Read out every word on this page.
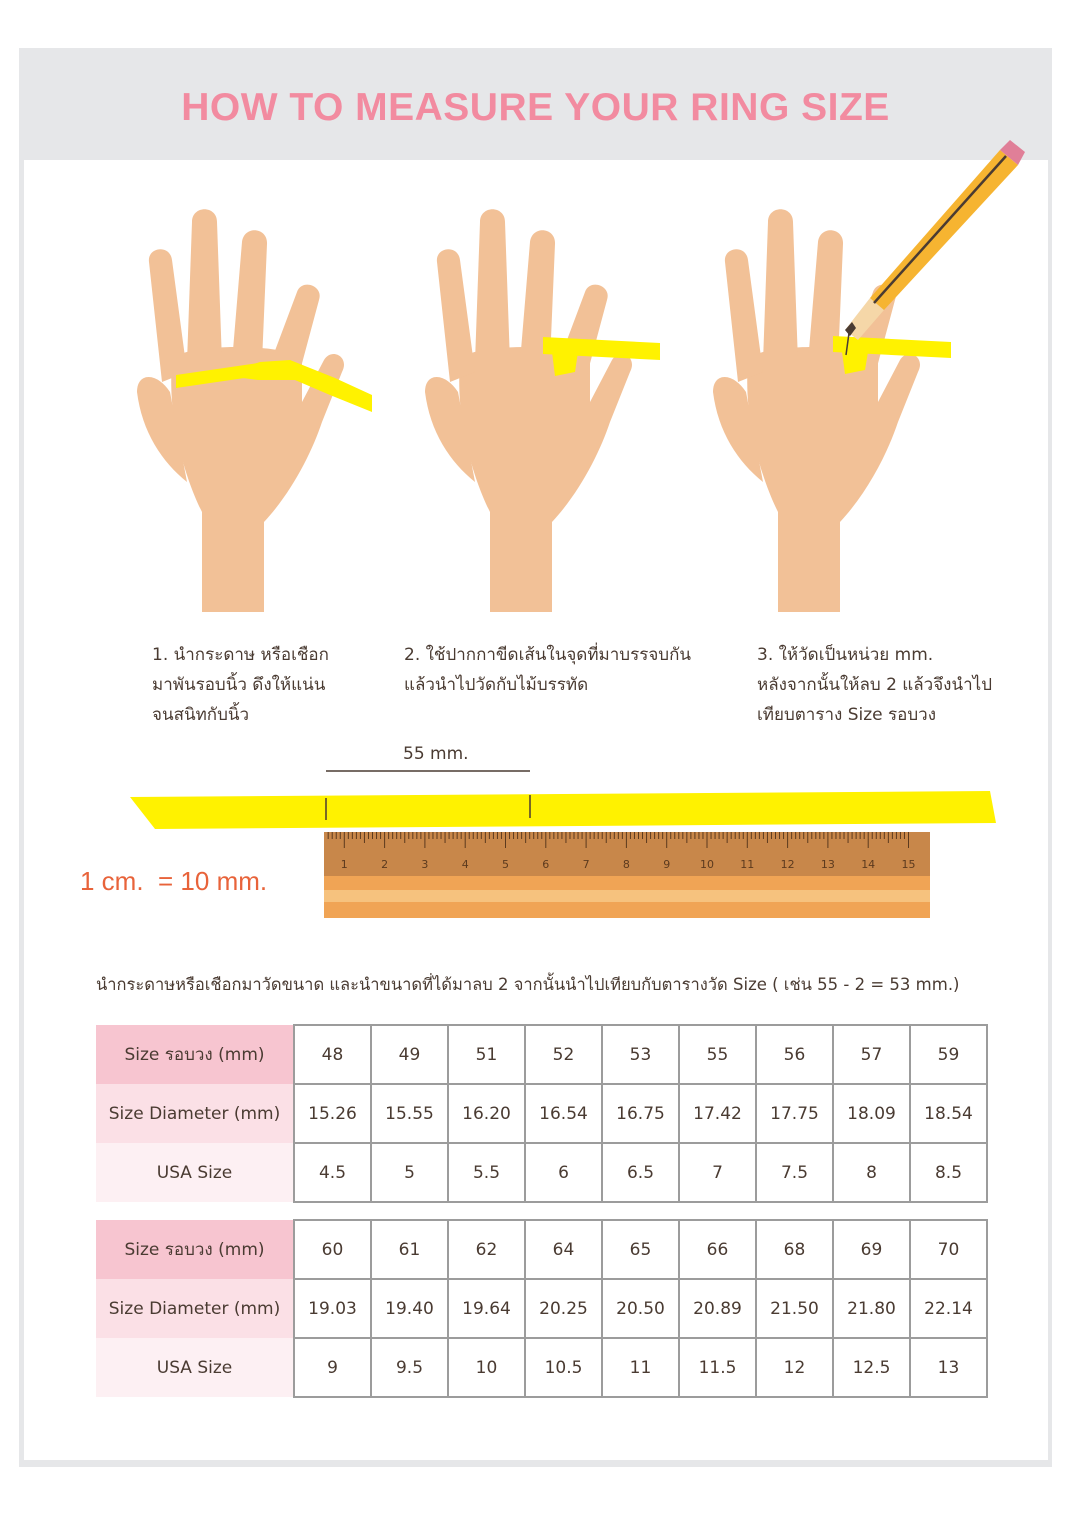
HOW TO MEASURE YOUR RING SIZE
1	2	3	4	5	6	7	8	9	10 11 12 13 14 15
1. นำกระดาษ หรือเชือก
มาพันรอบนิ้ว ดึงให้แน่น
จนสนิทกับนิ้ว
2. ใช้ปากกาขีดเส้นในจุดที่มาบรรจบกัน
แล้วนำไปวัดกับไม้บรรทัด
3. ให้วัดเป็นหน่วย mm.
หลังจากนั้นให้ลบ 2 แล้วจึงนำไป
เทียบตาราง Size รอบวง
55 mm.
1 cm.  = 10 mm.
นำกระดาษหรือเชือกมาวัดขนาด และนำขนาดที่ได้มาลบ 2 จากนั้นนำไปเทียบกับตารางวัด Size ( เช่น 55 - 2 = 53 mm.)
Size รอบวง (mm)	48	49	51	52	53	55	56	57	59
Size Diameter (mm)	15.26	15.55	16.20	16.54	16.75	17.42	17.75	18.09	18.54
USA Size	4.5	5	5.5	6	6.5	7	7.5	8	8.5
Size รอบวง (mm)	60	61	62	64	65	66	68	69	70
Size Diameter (mm)	19.03	19.40	19.64	20.25	20.50	20.89	21.50	21.80	22.14
USA Size	9	9.5	10	10.5	11	11.5	12	12.5	13
